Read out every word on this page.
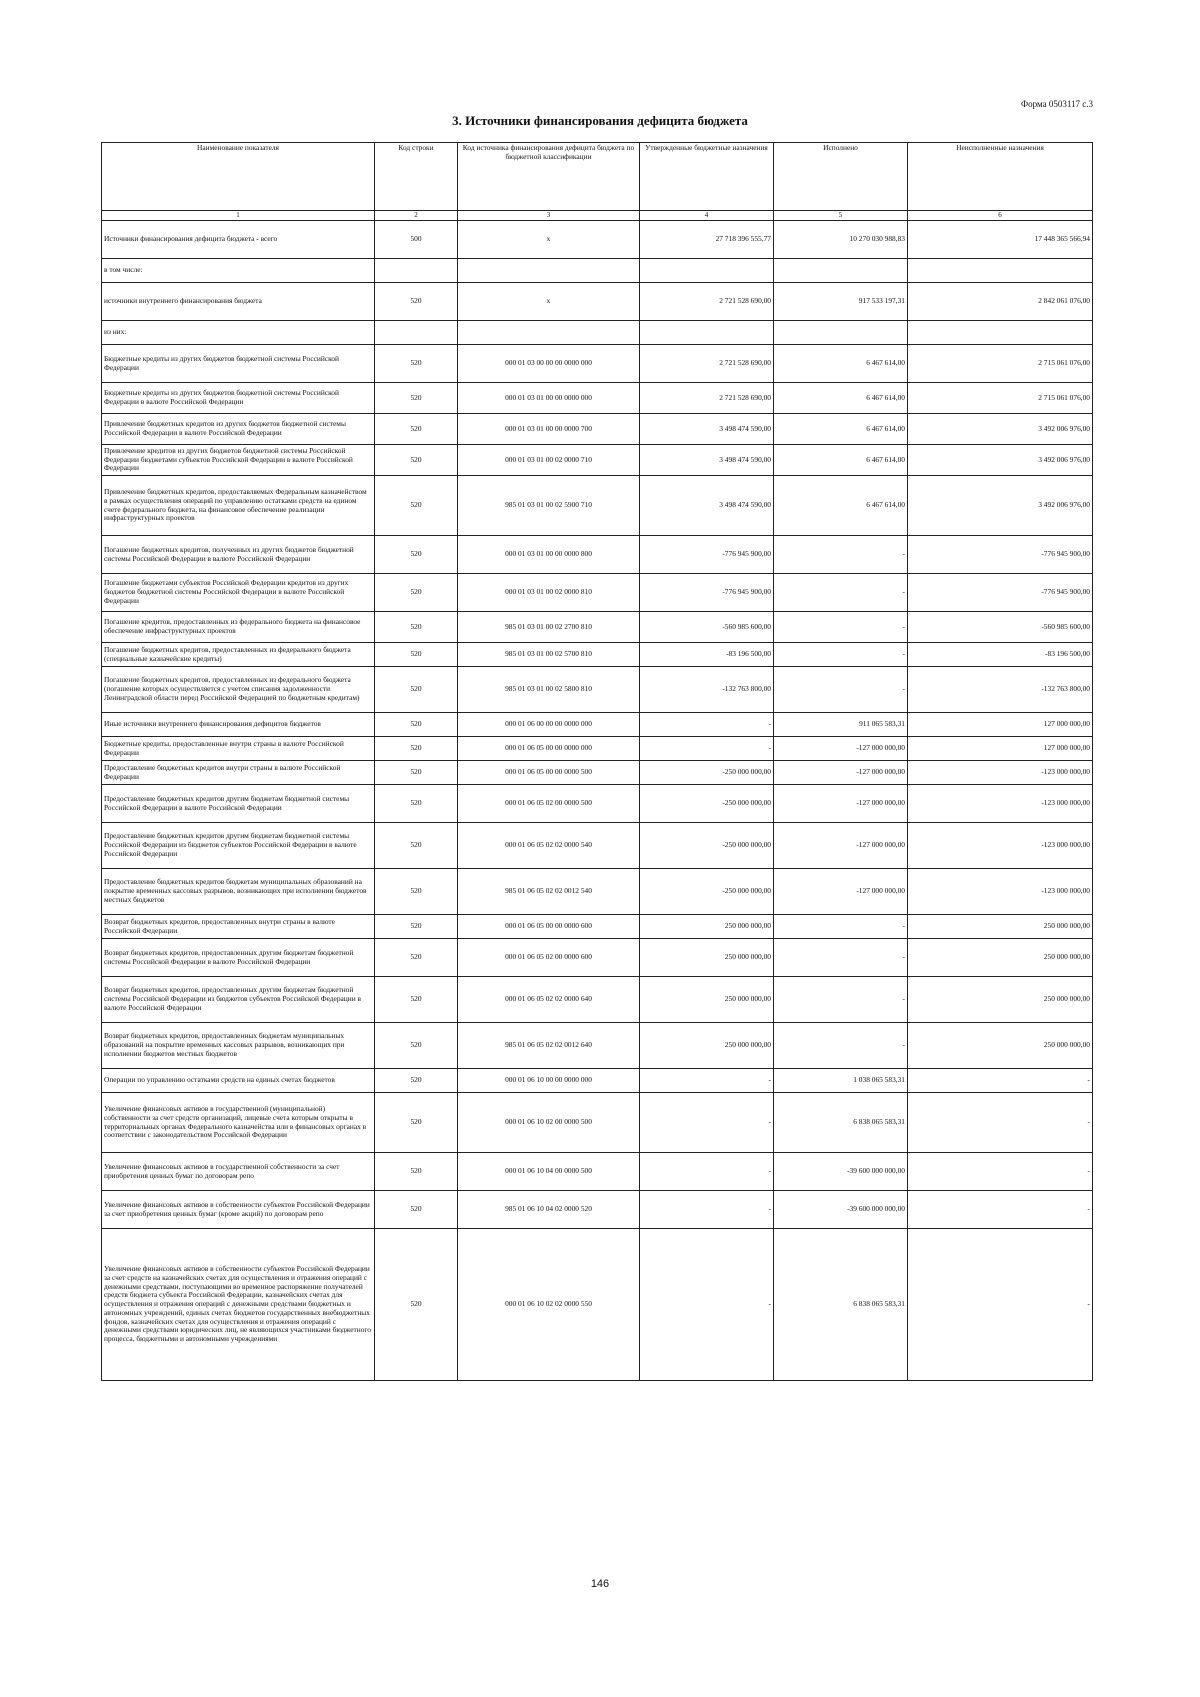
Форма 0503117 с.3
3. Источники финансирования дефицита бюджета
Наименование показателя	Код строки	Код источника финансирования дефицита бюджета по бюджетной классификации	Утвержденные бюджетные назначения	Исполнено	Неисполненные назначения
1	2	3	4	5	6
Источники финансирования дефицита бюджета - всего	500	x	27 718 396 555,77	10 270 030 988,83	17 448 365 566,94
в том числе:					
источники внутреннего финансирования бюджета	520	x	2 721 528 690,00	917 533 197,31	2 842 061 076,00
из них:					
Бюджетные кредиты из других бюджетов бюджетной системы Российской Федерации	520	000 01 03 00 00 00 0000 000	2 721 528 690,00	6 467 614,00	2 715 061 076,00
Бюджетные кредиты из других бюджетов бюджетной системы Российской Федерации в валюте Российской Федерации	520	000 01 03 01 00 00 0000 000	2 721 528 690,00	6 467 614,00	2 715 061 076,00
Привлечение бюджетных кредитов из других бюджетов бюджетной системы Российской Федерации в валюте Российской Федерации	520	000 01 03 01 00 00 0000 700	3 498 474 590,00	6 467 614,00	3 492 006 976,00
Привлечение кредитов из других бюджетов бюджетной системы Российской Федерации бюджетами субъектов Российской Федерации в валюте Российской Федерации	520	000 01 03 01 00 02 0000 710	3 498 474 590,00	6 467 614,00	3 492 006 976,00
Привлечение бюджетных кредитов, предоставляемых Федеральным казначейством в рамках осуществления операций по управлению остатками средств на едином счете федерального бюджета, на финансовое обеспечение реализации инфраструктурных проектов	520	985 01 03 01 00 02 5900 710	3 498 474 590,00	6 467 614,00	3 492 006 976,00
Погашение бюджетных кредитов, полученных из других бюджетов бюджетной системы Российской Федерации в валюте Российской Федерации	520	000 01 03 01 00 00 0000 800	-776 945 900,00	-	-776 945 900,00
Погашение бюджетами субъектов Российской Федерации кредитов из других бюджетов бюджетной системы Российской Федерации в валюте Российской Федерации	520	000 01 03 01 00 02 0000 810	-776 945 900,00	-	-776 945 900,00
Погашение кредитов, предоставленных из федерального бюджета на финансовое обеспечение инфраструктурных проектов	520	985 01 03 01 00 02 2700 810	-560 985 600,00	-	-560 985 600,00
Погашение бюджетных кредитов, предоставленных из федерального бюджета (специальные казначейские кредиты)	520	985 01 03 01 00 02 5700 810	-83 196 500,00	-	-83 196 500,00
Погашение бюджетных кредитов, предоставленных из федерального бюджета (погашение которых осуществляется с учетом списания задолженности Ленинградской области перед Российской Федерацией по бюджетным кредитам)	520	985 01 03 01 00 02 5800 810	-132 763 800,00	-	-132 763 800,00
Иные источники внутреннего финансирования дефицитов бюджетов	520	000 01 06 00 00 00 0000 000	-	911 065 583,31	127 000 000,00
Бюджетные кредиты, предоставленные внутри страны в валюте Российской Федерации	520	000 01 06 05 00 00 0000 000	-	-127 000 000,00	127 000 000,00
Предоставление бюджетных кредитов внутри страны в валюте Российской Федерации	520	000 01 06 05 00 00 0000 500	-250 000 000,00	-127 000 000,00	-123 000 000,00
Предоставление бюджетных кредитов другим бюджетам бюджетной системы Российской Федерации в валюте Российской Федерации	520	000 01 06 05 02 00 0000 500	-250 000 000,00	-127 000 000,00	-123 000 000,00
Предоставление бюджетных кредитов другим бюджетам бюджетной системы Российской Федерации из бюджетов субъектов Российской Федерации в валюте Российской Федерации	520	000 01 06 05 02 02 0000 540	-250 000 000,00	-127 000 000,00	-123 000 000,00
Предоставление бюджетных кредитов бюджетам муниципальных образований на покрытие временных кассовых разрывов, возникающих при исполнении бюджетов местных бюджетов	520	985 01 06 05 02 02 0012 540	-250 000 000,00	-127 000 000,00	-123 000 000,00
Возврат бюджетных кредитов, предоставленных внутри страны в валюте Российской Федерации	520	000 01 06 05 00 00 0000 600	250 000 000,00	-	250 000 000,00
Возврат бюджетных кредитов, предоставленных другим бюджетам бюджетной системы Российской Федерации в валюте Российской Федерации	520	000 01 06 05 02 00 0000 600	250 000 000,00	-	250 000 000,00
Возврат бюджетных кредитов, предоставленных другим бюджетам бюджетной системы Российской Федерации из бюджетов субъектов Российской Федерации в валюте Российской Федерации	520	000 01 06 05 02 02 0000 640	250 000 000,00	-	250 000 000,00
Возврат бюджетных кредитов, предоставленных бюджетам муниципальных образований на покрытие временных кассовых разрывов, возникающих при исполнении бюджетов местных бюджетов	520	985 01 06 05 02 02 0012 640	250 000 000,00	-	250 000 000,00
Операции по управлению остатками средств на единых счетах бюджетов	520	000 01 06 10 00 00 0000 000	-	1 038 065 583,31	-
Увеличение финансовых активов в государственной (муниципальной) собственности за счет средств организаций, лицевые счета которым открыты в территориальных органах Федерального казначейства или в финансовых органах в соответствии с законодательством Российской Федерации	520	000 01 06 10 02 00 0000 500	-	6 838 065 583,31	-
Увеличение финансовых активов в государственной собственности за счет приобретения ценных бумаг по договорам репо	520	000 01 06 10 04 00 0000 500	-	-39 600 000 000,00	-
Увеличение финансовых активов в собственности субъектов Российской Федерации за счет приобретения ценных бумаг (кроме акций) по договорам репо	520	985 01 06 10 04 02 0000 520	-	-39 600 000 000,00	-
Увеличение финансовых активов в собственности субъектов Российской Федерации за счет средств на казначейских счетах для осуществления и отражения операций с денежными средствами, поступающими во временное распоряжение получателей средств бюджета субъекта Российской Федерации, казначейских счетах для осуществления и отражения операций с денежными средствами бюджетных и автономных учреждений, единых счетах бюджетов государственных внебюджетных фондов, казначейских счетах для осуществления и отражения операций с денежными средствами юридических лиц, не являющихся участниками бюджетного процесса, бюджетными и автономными учреждениями	520	000 01 06 10 02 02 0000 550	-	6 838 065 583,31	-
146
